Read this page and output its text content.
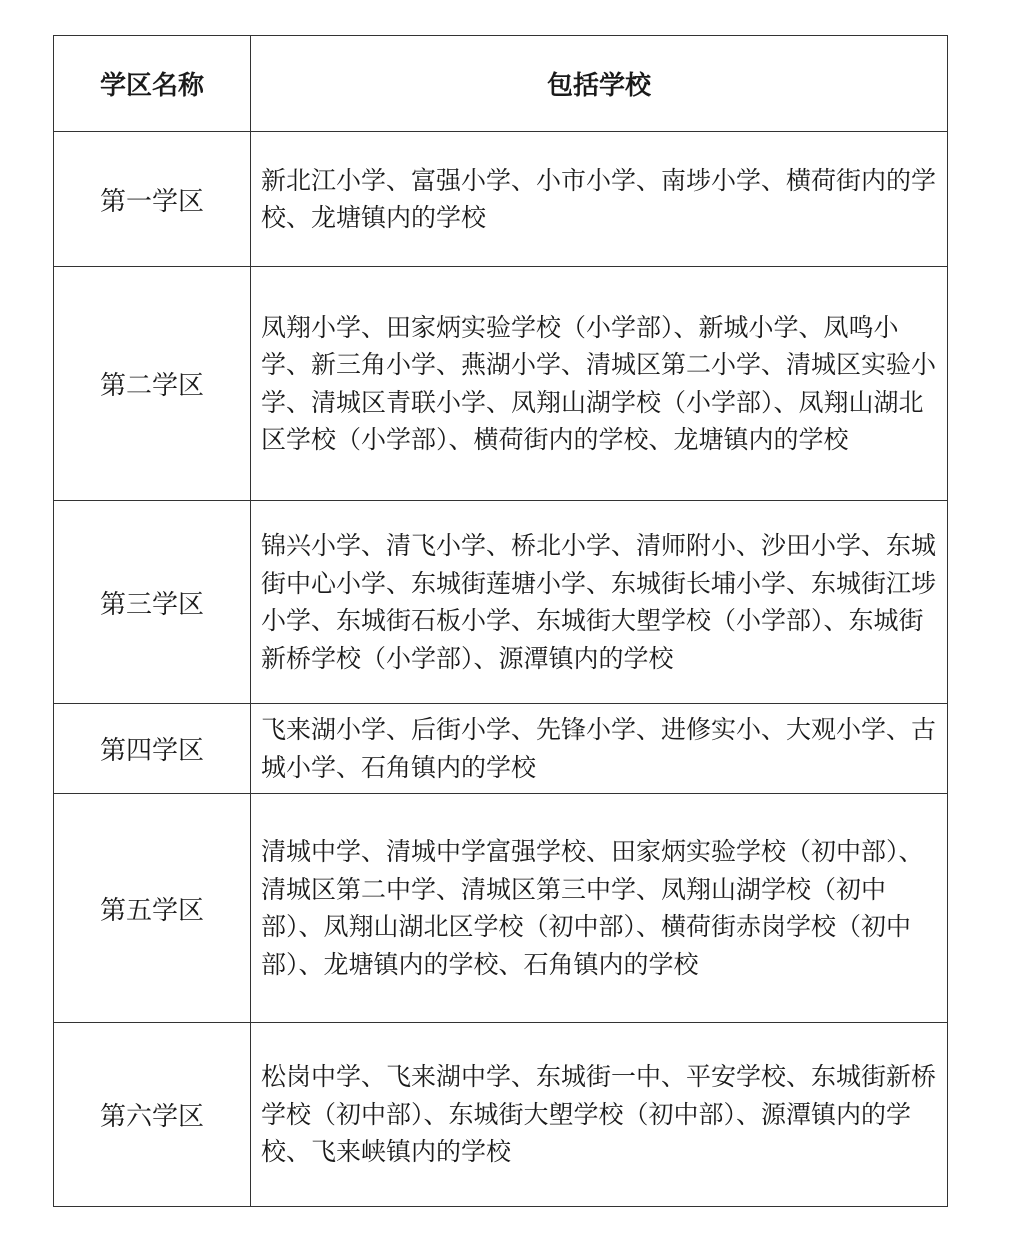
学区名称	包括学校
第一学区	新北江小学、富强小学、小市小学、南埗小学、横荷街内的学校、龙塘镇内的学校

第二学区	凤翔小学、田家炳实验学校（小学部）、新城小学、凤鸣小学、新三角小学、燕湖小学、清城区第二小学、清城区实验小学、清城区青联小学、凤翔山湖学校（小学部）、凤翔山湖北区学校（小学部）、横荷街内的学校、龙塘镇内的学校

第三学区	锦兴小学、清飞小学、桥北小学、清师附小、沙田小学、东城街中心小学、东城街莲塘小学、东城街长埔小学、东城街江埗小学、东城街石板小学、东城街大塱学校（小学部）、东城街新桥学校（小学部）、源潭镇内的学校

第四学区	飞来湖小学、后街小学、先锋小学、进修实小、大观小学、古城小学、石角镇内的学校

第五学区	清城中学、清城中学富强学校、田家炳实验学校（初中部）、清城区第二中学、清城区第三中学、凤翔山湖学校（初中部）、凤翔山湖北区学校（初中部）、横荷街赤岗学校（初中部）、龙塘镇内的学校、石角镇内的学校

第六学区	松岗中学、飞来湖中学、东城街一中、平安学校、东城街新桥学校（初中部）、东城街大塱学校（初中部）、源潭镇内的学校、飞来峡镇内的学校
